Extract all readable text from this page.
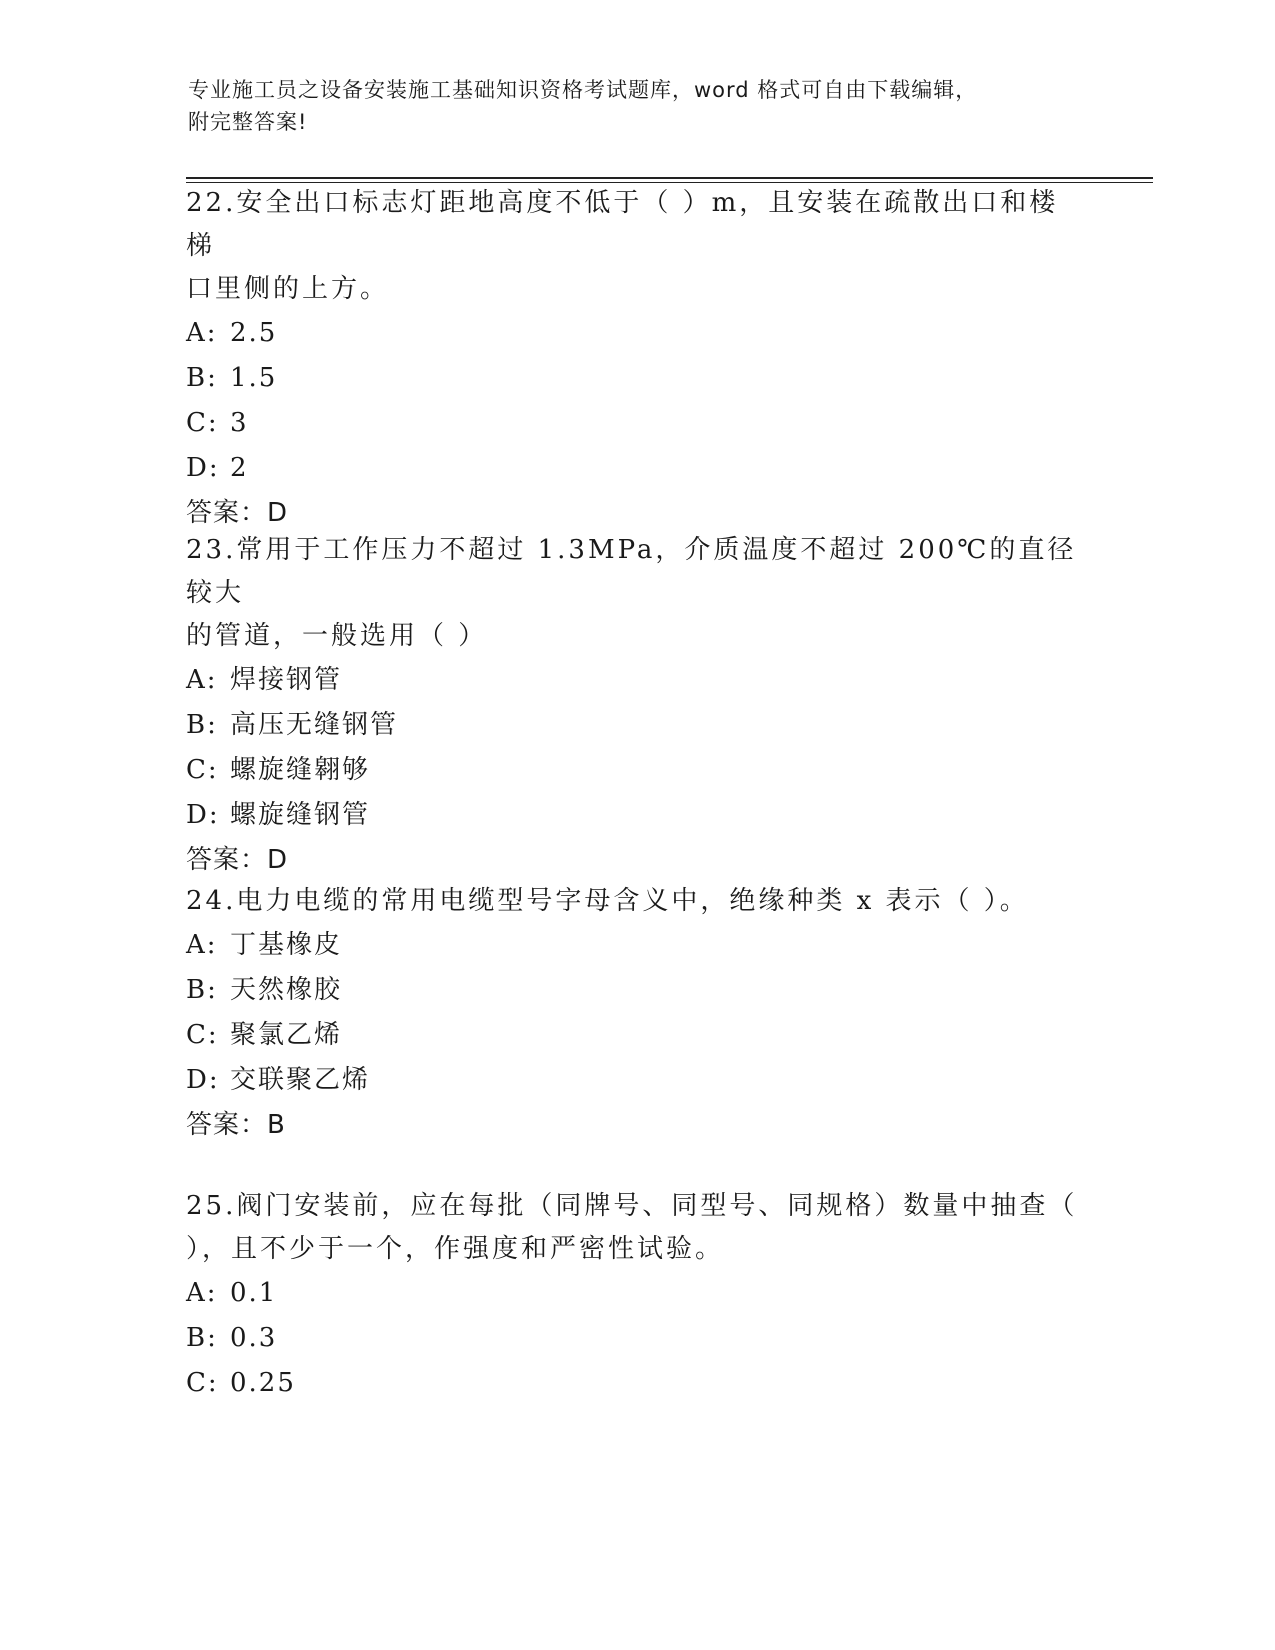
专业施工员之设备安装施工基础知识资格考试题库，word 格式可自由下载编辑，
附完整答案!

22.安全出口标志灯距地高度不低于（ ）m，且安装在疏散出口和楼梯
口里侧的上方。

A: 2.5
B: 1.5
C: 3
D: 2
答案：D

23.常用于工作压力不超过 1.3MPa，介质温度不超过 200℃的直径较大
的管道，一般选用（ ）

A: 焊接钢管
B: 高压无缝钢管
C: 螺旋缝翱够
D: 螺旋缝钢管
答案：D

24.电力电缆的常用电缆型号字母含义中，绝缘种类 x 表示（ ）。

A: 丁基橡皮
B: 天然橡胶
C: 聚氯乙烯
D: 交联聚乙烯
答案：B

25.阀门安装前，应在每批（同牌号、同型号、同规格）数量中抽查（
），且不少于一个，作强度和严密性试验。

A: 0.1
B: 0.3
C: 0.25
